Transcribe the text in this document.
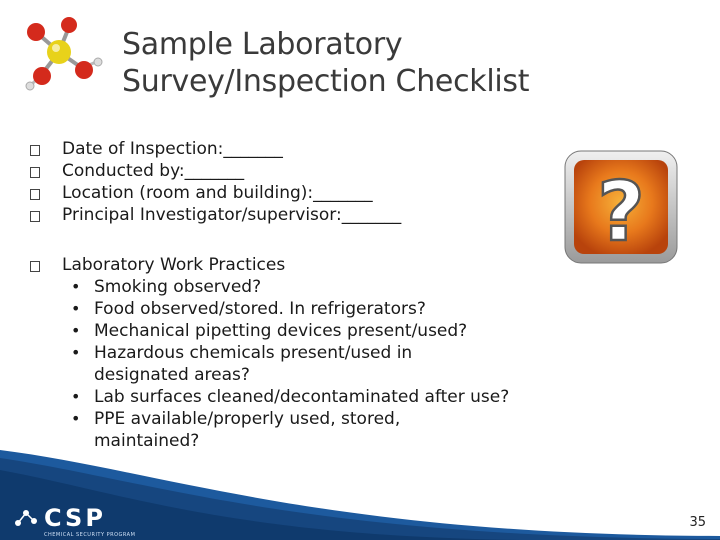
Sample Laboratory
Survey/Inspection Checklist
Date of Inspection:_______
Conducted by:_______
Location (room and building):_______
Principal Investigator/supervisor:_______
Laboratory Work Practices
• Smoking observed?
• Food observed/stored. In refrigerators?
• Mechanical pipetting devices present/used?
• Hazardous chemicals present/used in designated areas?
• Lab surfaces cleaned/decontaminated after use?
• PPE available/properly used, stored, maintained?
?
CSP
CHEMICAL SECURITY PROGRAM
35
